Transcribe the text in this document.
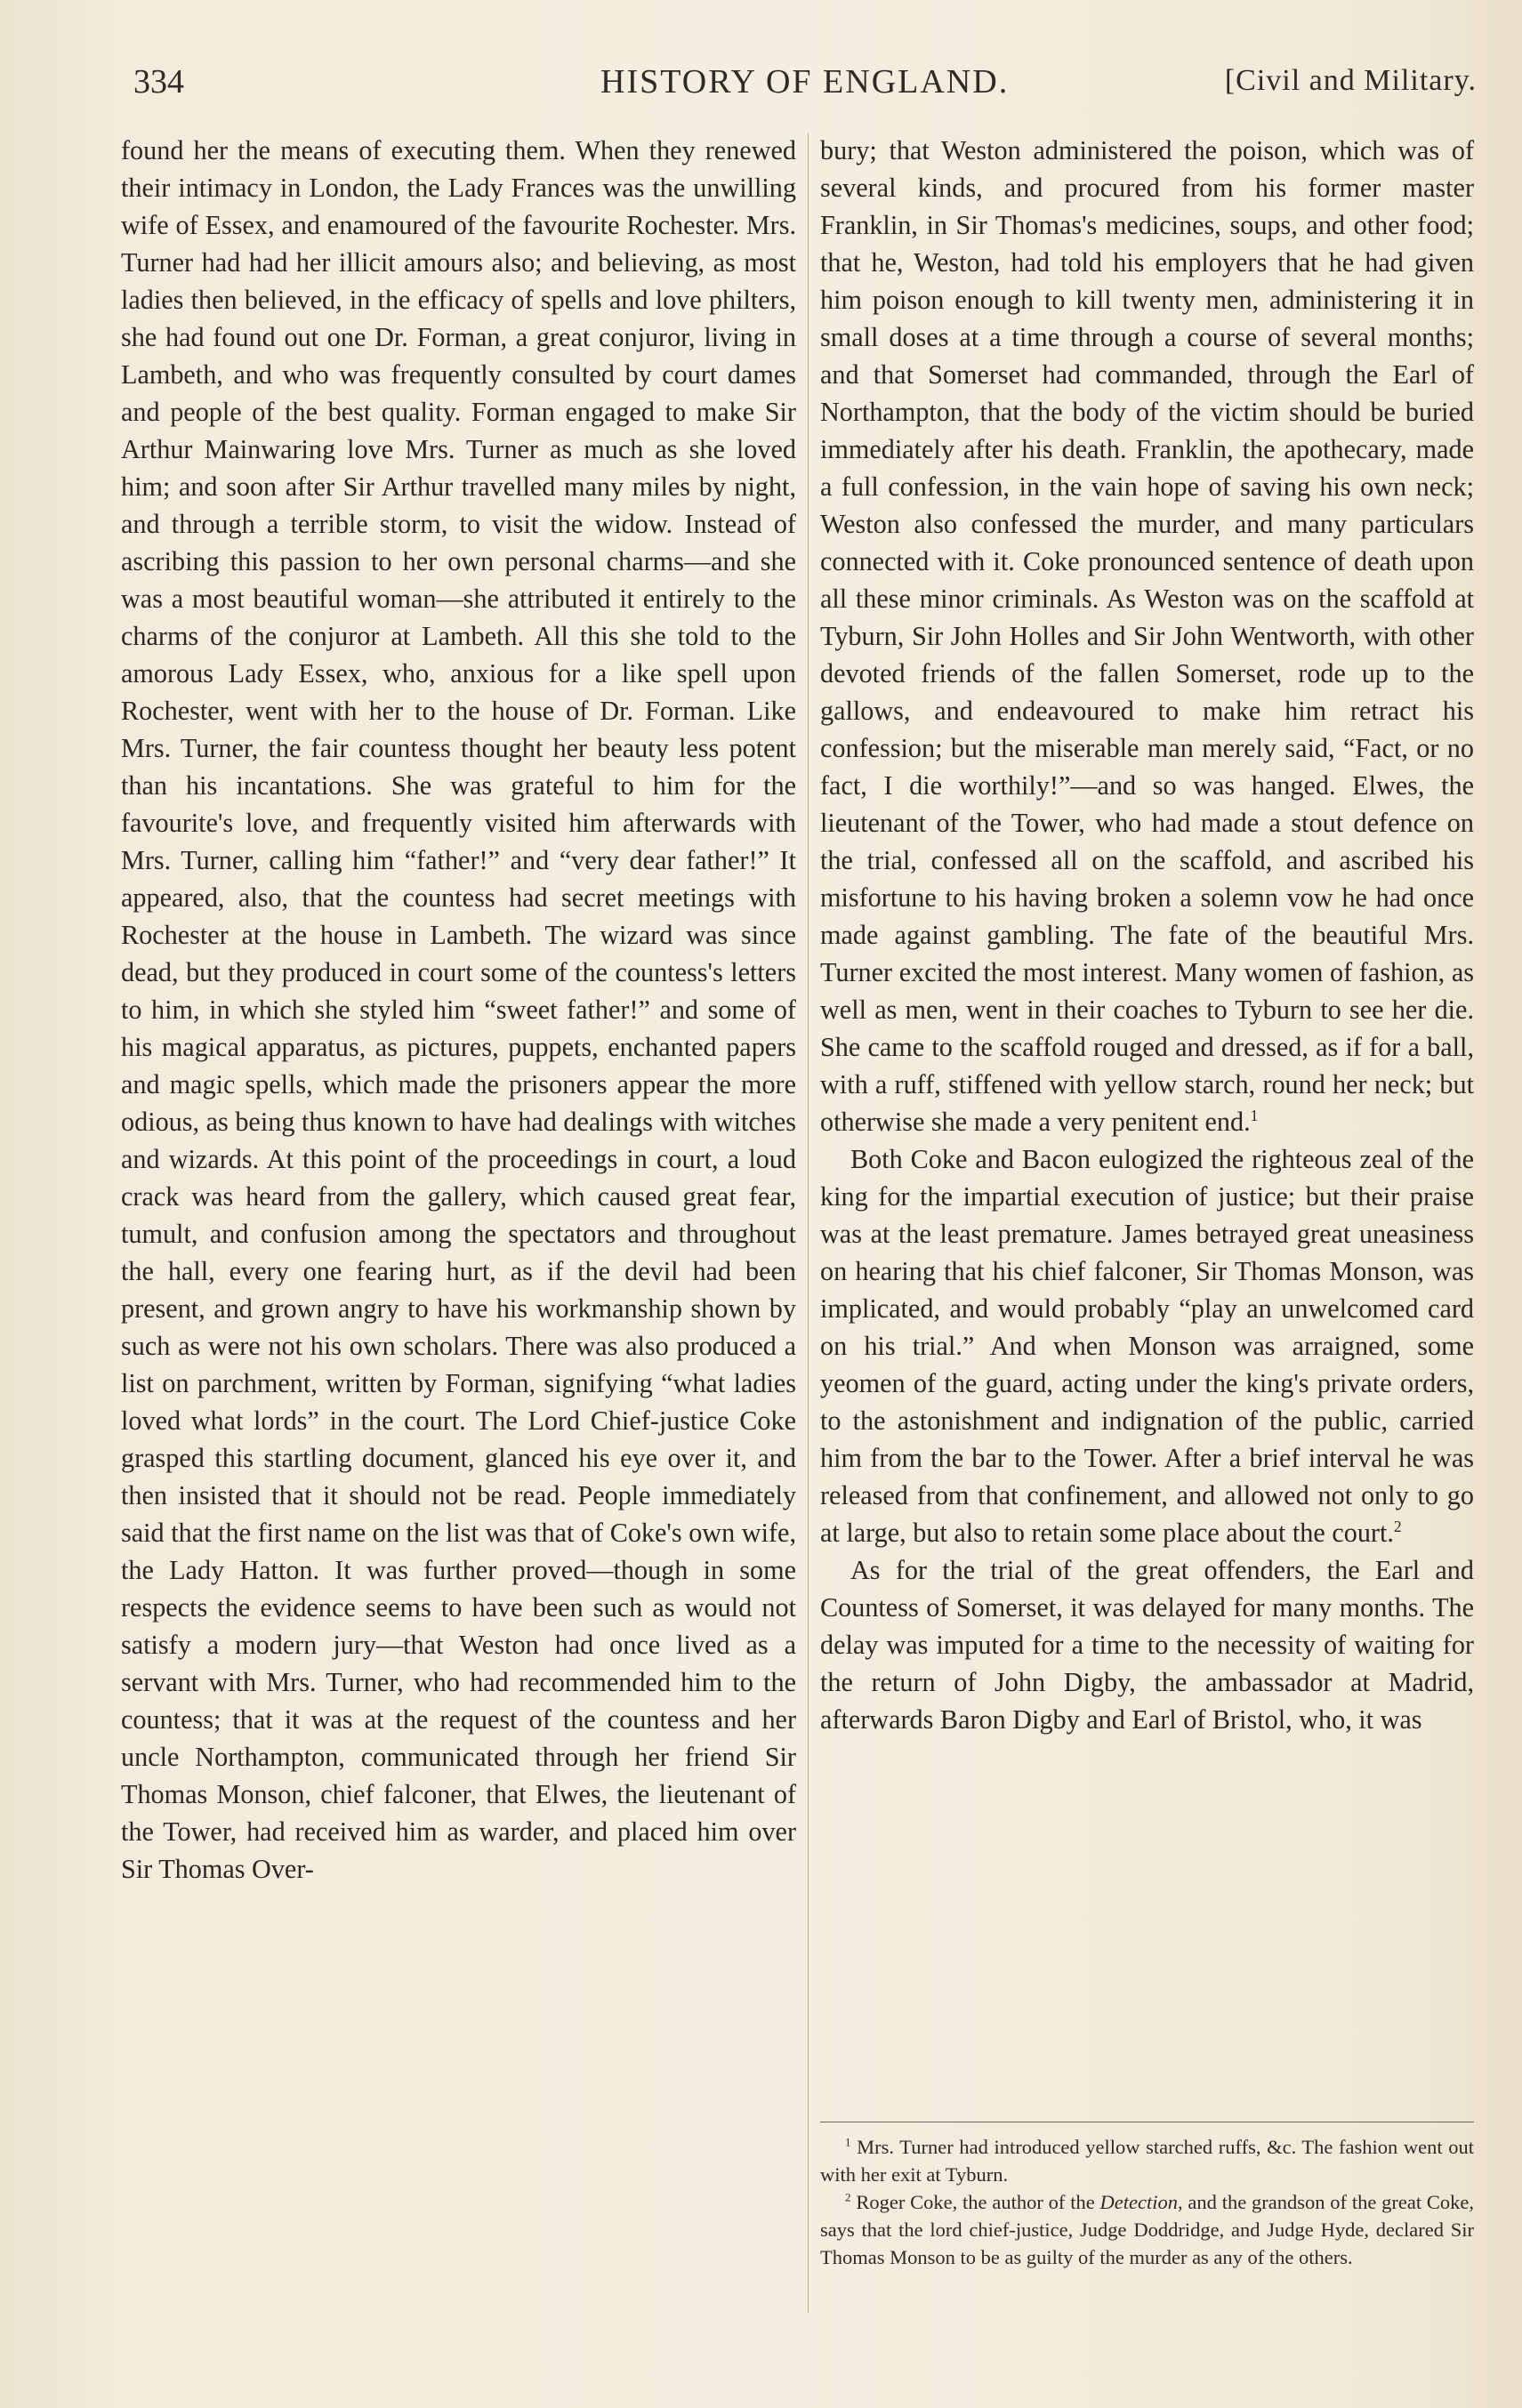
334	HISTORY OF ENGLAND.	[Civil and Military.

found her the means of executing them. When they renewed their intimacy in London, the Lady Frances was the unwilling wife of Essex, and enamoured of the favourite Rochester. Mrs. Turner had had her illicit amours also; and believing, as most ladies then believed, in the efficacy of spells and love philters, she had found out one Dr. Forman, a great conjuror, living in Lambeth, and who was frequently consulted by court dames and people of the best quality. Forman engaged to make Sir Arthur Mainwaring love Mrs. Turner as much as she loved him; and soon after Sir Arthur travelled many miles by night, and through a terrible storm, to visit the widow. Instead of ascribing this passion to her own personal charms—and she was a most beautiful woman—she attributed it entirely to the charms of the conjuror at Lambeth. All this she told to the amorous Lady Essex, who, anxious for a like spell upon Rochester, went with her to the house of Dr. Forman. Like Mrs. Turner, the fair countess thought her beauty less potent than his incantations. She was grateful to him for the favourite's love, and frequently visited him afterwards with Mrs. Turner, calling him “father!” and “very dear father!” It appeared, also, that the countess had secret meetings with Rochester at the house in Lambeth. The wizard was since dead, but they produced in court some of the countess's letters to him, in which she styled him “sweet father!” and some of his magical apparatus, as pictures, puppets, enchanted papers and magic spells, which made the prisoners appear the more odious, as being thus known to have had dealings with witches and wizards. At this point of the proceedings in court, a loud crack was heard from the gallery, which caused great fear, tumult, and confusion among the spectators and throughout the hall, every one fearing hurt, as if the devil had been present, and grown angry to have his workmanship shown by such as were not his own scholars. There was also produced a list on parchment, written by Forman, signifying “what ladies loved what lords” in the court. The Lord Chief-justice Coke grasped this startling document, glanced his eye over it, and then insisted that it should not be read. People immediately said that the first name on the list was that of Coke's own wife, the Lady Hatton. It was further proved—though in some respects the evidence seems to have been such as would not satisfy a modern jury—that Weston had once lived as a servant with Mrs. Turner, who had recommended him to the countess; that it was at the request of the countess and her uncle Northampton, communicated through her friend Sir Thomas Monson, chief falconer, that Elwes, the lieutenant of the Tower, had received him as warder, and placed him over Sir Thomas Over-

bury; that Weston administered the poison, which was of several kinds, and procured from his former master Franklin, in Sir Thomas's medicines, soups, and other food; that he, Weston, had told his employers that he had given him poison enough to kill twenty men, administering it in small doses at a time through a course of several months; and that Somerset had commanded, through the Earl of Northampton, that the body of the victim should be buried immediately after his death. Franklin, the apothecary, made a full confession, in the vain hope of saving his own neck; Weston also confessed the murder, and many particulars connected with it. Coke pronounced sentence of death upon all these minor criminals. As Weston was on the scaffold at Tyburn, Sir John Holles and Sir John Wentworth, with other devoted friends of the fallen Somerset, rode up to the gallows, and endeavoured to make him retract his confession; but the miserable man merely said, “Fact, or no fact, I die worthily!”—and so was hanged. Elwes, the lieutenant of the Tower, who had made a stout defence on the trial, confessed all on the scaffold, and ascribed his misfortune to his having broken a solemn vow he had once made against gambling. The fate of the beautiful Mrs. Turner excited the most interest. Many women of fashion, as well as men, went in their coaches to Tyburn to see her die. She came to the scaffold rouged and dressed, as if for a ball, with a ruff, stiffened with yellow starch, round her neck; but otherwise she made a very penitent end.$^1$

Both Coke and Bacon eulogized the righteous zeal of the king for the impartial execution of justice; but their praise was at the least premature. James betrayed great uneasiness on hearing that his chief falconer, Sir Thomas Monson, was implicated, and would probably “play an unwelcomed card on his trial.” And when Monson was arraigned, some yeomen of the guard, acting under the king's private orders, to the astonishment and indignation of the public, carried him from the bar to the Tower. After a brief interval he was released from that confinement, and allowed not only to go at large, but also to retain some place about the court.$^2$

As for the trial of the great offenders, the Earl and Countess of Somerset, it was delayed for many months. The delay was imputed for a time to the necessity of waiting for the return of John Digby, the ambassador at Madrid, afterwards Baron Digby and Earl of Bristol, who, it was

$^1$ Mrs. Turner had introduced yellow starched ruffs, &c. The fashion went out with her exit at Tyburn.

$^2$ Roger Coke, the author of the Detection, and the grandson of the great Coke, says that the lord chief-justice, Judge Doddridge, and Judge Hyde, declared Sir Thomas Monson to be as guilty of the murder as any of the others.
